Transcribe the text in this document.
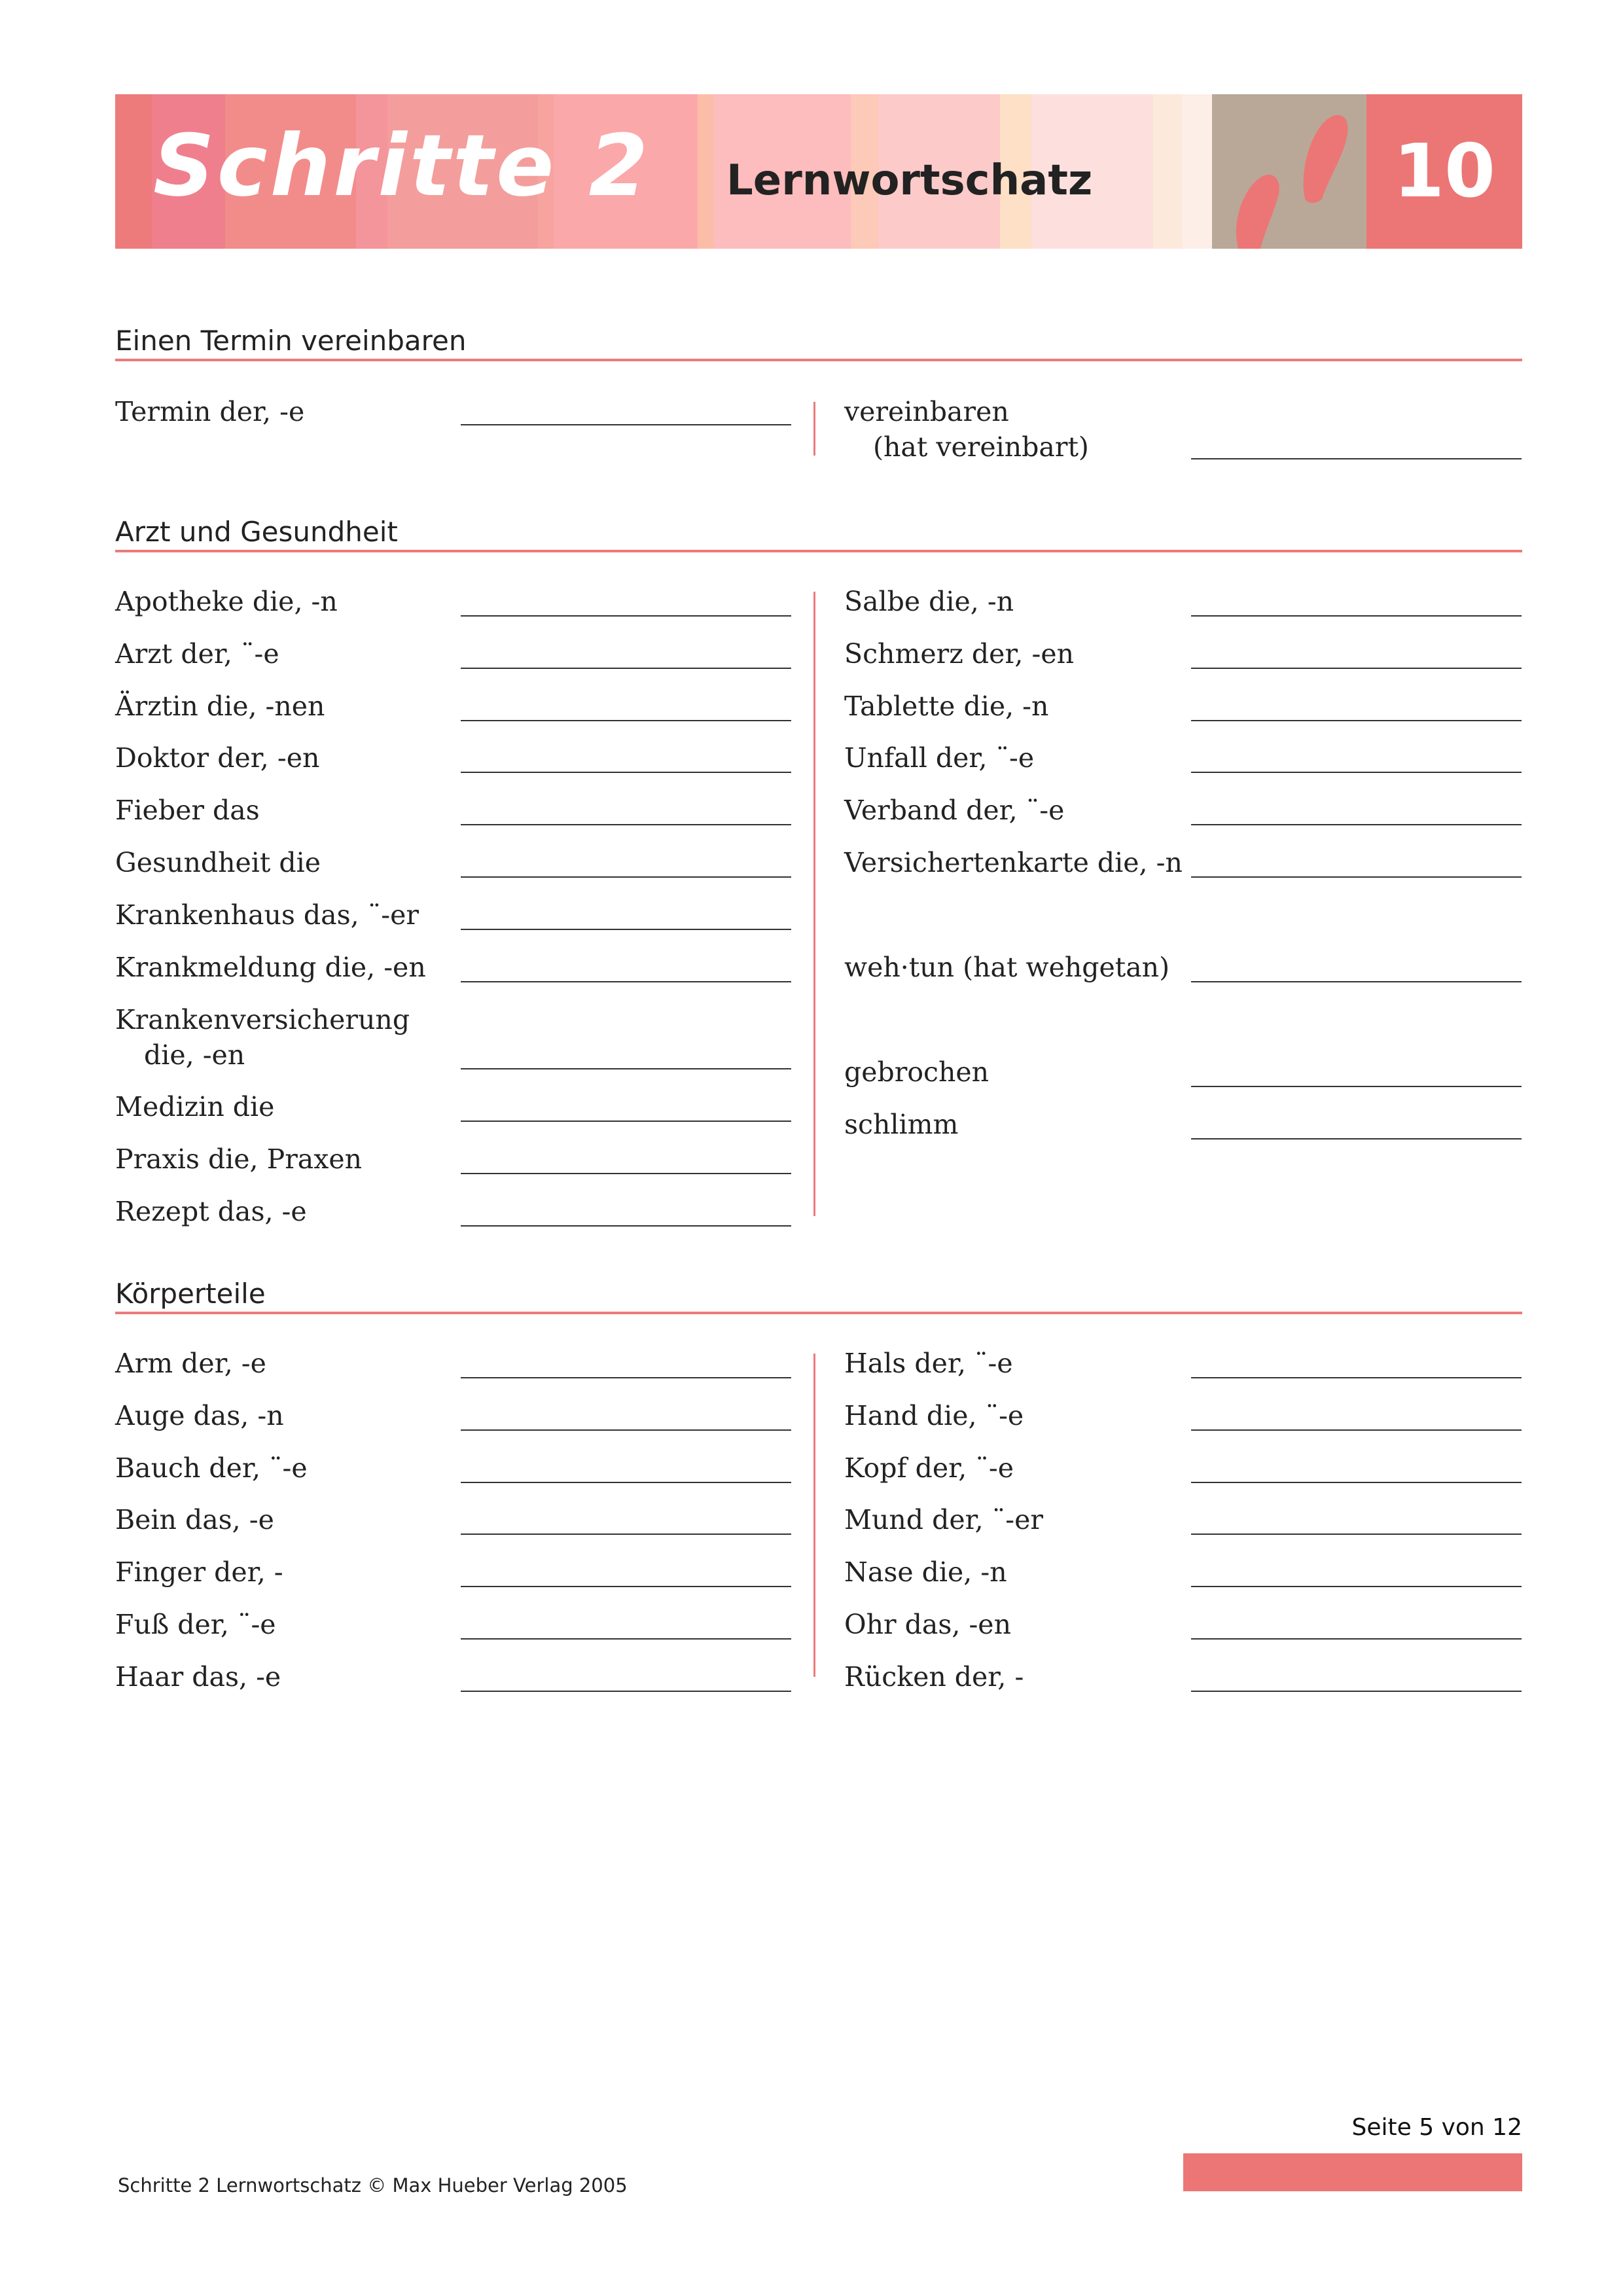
Schritte 2 Lernwortschatz	10
Einen Termin vereinbaren
Termin der, -e	vereinbaren
(hat vereinbart)
Arzt und Gesundheit
Apotheke die, -n
Arzt der, ¨-e
Ärztin die, -nen
Doktor der, -en
Fieber das
Gesundheit die
Krankenhaus das, ¨-er
Krankmeldung die, -en
Krankenversicherung
die, -en
Medizin die
Praxis die, Praxen
Rezept das, -e
Salbe die, -n
Schmerz der, -en
Tablette die, -n
Unfall der, ¨-e
Verband der, ¨-e
Versichertenkarte die, -n
weh·tun (hat wehgetan)
gebrochen
schlimm
Körperteile
Arm der, -e
Auge das, -n
Bauch der, ¨-e
Bein das, -e
Finger der, -
Fuß der, ¨-e
Haar das, -e
Hals der, ¨-e
Hand die, ¨-e
Kopf der, ¨-e
Mund der, ¨-er
Nase die, -n
Ohr das, -en
Rücken der, -
Seite 5 von 12
Schritte 2 Lernwortschatz © Max Hueber Verlag 2005
